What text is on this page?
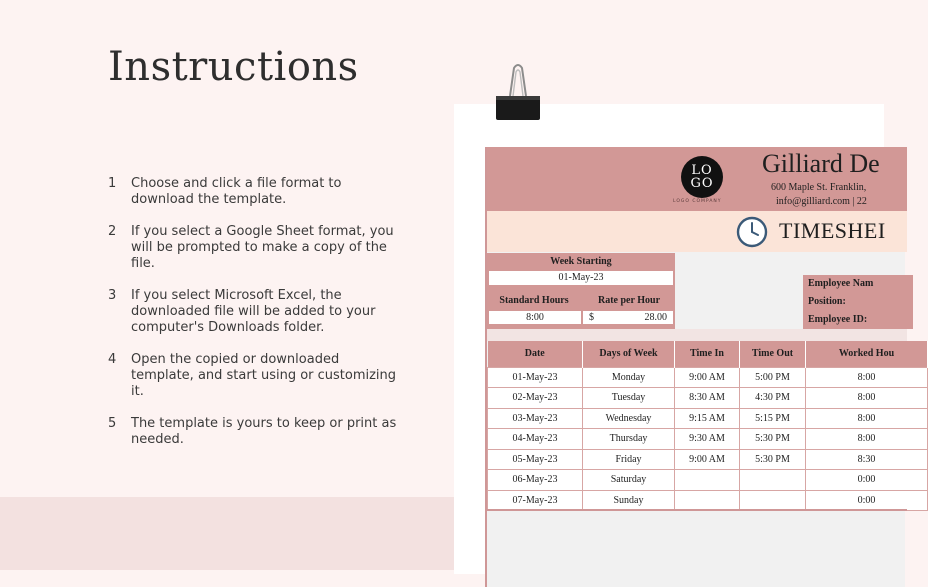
Instructions
1	Choose and click a file format to download the template.
2	If you select a Google Sheet format, you will be prompted to make a copy of the file.
3	If you select Microsoft Excel, the downloaded file will be added to your computer's Downloads folder.
4	Open the copied or downloaded template, and start using or customizing it.
5	The template is yours to keep or print as needed.
LO
GO
LOGO COMPANY
Gilliard De
600 Maple St. Franklin,
info@gilliard.com | 22
TIMESHEI
Week Starting
01-May-23
Standard Hours	Rate per Hour
8:00	$	28.00
Employee Nam
Position:
Employee ID:
Date	Days of Week	Time In	Time Out	Worked Hou
01-May-23	Monday	9:00 AM	5:00 PM	8:00
02-May-23	Tuesday	8:30 AM	4:30 PM	8:00
03-May-23	Wednesday	9:15 AM	5:15 PM	8:00
04-May-23	Thursday	9:30 AM	5:30 PM	8:00
05-May-23	Friday	9:00 AM	5:30 PM	8:30
06-May-23	Saturday			0:00
07-May-23	Sunday			0:00
